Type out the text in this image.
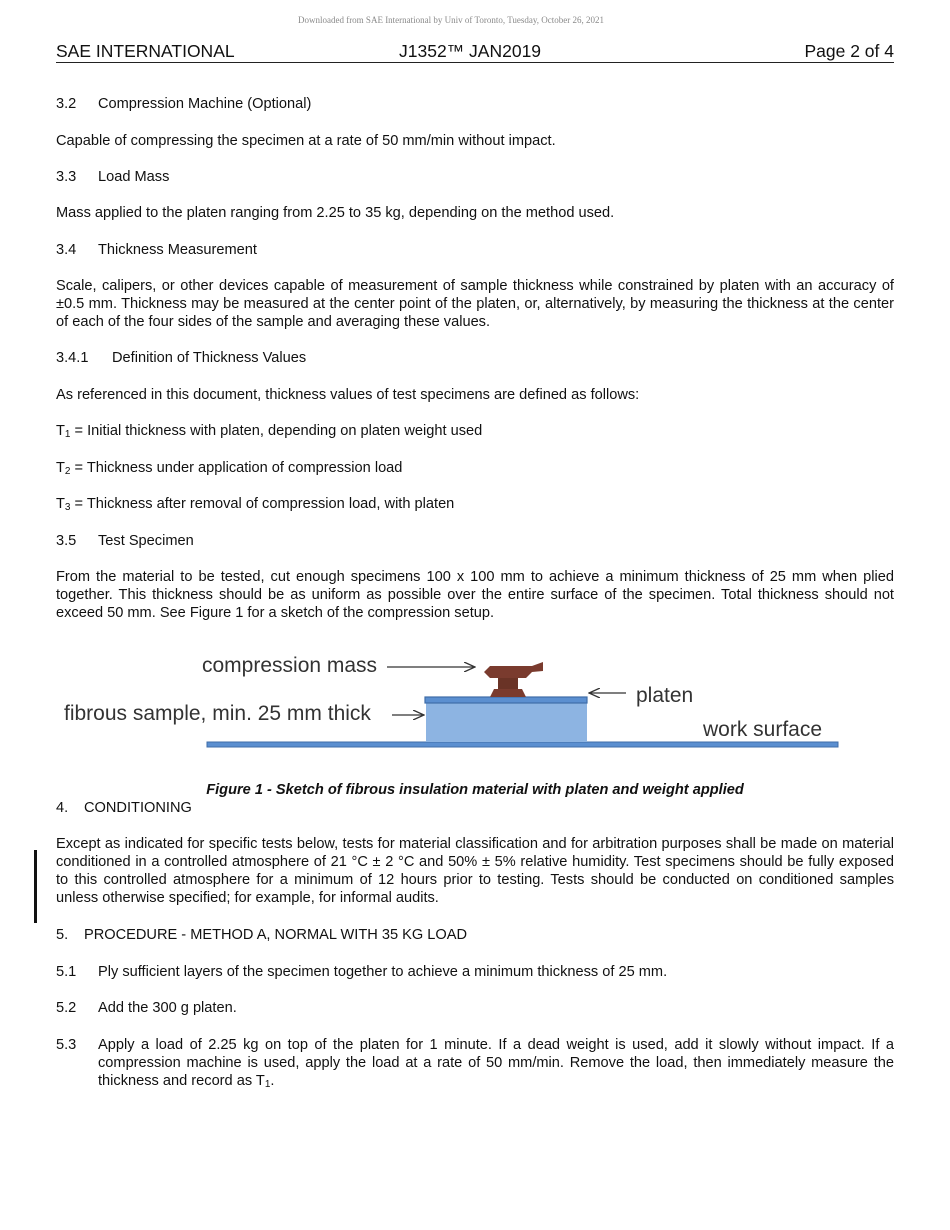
Downloaded from SAE International by Univ of Toronto, Tuesday, October 26, 2021
SAE INTERNATIONAL	J1352™ JAN2019	Page 2 of 4
3.2	Compression Machine (Optional)

Capable of compressing the specimen at a rate of 50 mm/min without impact.

3.3	Load Mass

Mass applied to the platen ranging from 2.25 to 35 kg, depending on the method used.

3.4	Thickness Measurement

Scale, calipers, or other devices capable of measurement of sample thickness while constrained by platen with an accuracy of ±0.5 mm. Thickness may be measured at the center point of the platen, or, alternatively, by measuring the thickness at the center of each of the four sides of the sample and averaging these values.

3.4.1	Definition of Thickness Values

As referenced in this document, thickness values of test specimens are defined as follows:

$T_1$ = Initial thickness with platen, depending on platen weight used

$T_2$ = Thickness under application of compression load

$T_3$ = Thickness after removal of compression load, with platen

3.5	Test Specimen

From the material to be tested, cut enough specimens 100 x 100 mm to achieve a minimum thickness of 25 mm when plied together. This thickness should be as uniform as possible over the entire surface of the specimen. Total thickness should not exceed 50 mm. See Figure 1 for a sketch of the compression setup.

compression mass
fibrous sample, min. 25 mm thick
platen
work surface

Figure 1 - Sketch of fibrous insulation material with platen and weight applied

4.	CONDITIONING

Except as indicated for specific tests below, tests for material classification and for arbitration purposes shall be made on material conditioned in a controlled atmosphere of 21 °C ± 2 °C and 50% ± 5% relative humidity. Test specimens should be fully exposed to this controlled atmosphere for a minimum of 12 hours prior to testing. Tests should be conducted on conditioned samples unless otherwise specified; for example, for informal audits.

5.	PROCEDURE - METHOD A, NORMAL WITH 35 KG LOAD
5.1	Ply sufficient layers of the specimen together to achieve a minimum thickness of 25 mm.
5.2	Add the 300 g platen.
5.3	Apply a load of 2.25 kg on top of the platen for 1 minute. If a dead weight is used, add it slowly without impact. If a compression machine is used, apply the load at a rate of 50 mm/min. Remove the load, then immediately measure the thickness and record as $T_1$.
